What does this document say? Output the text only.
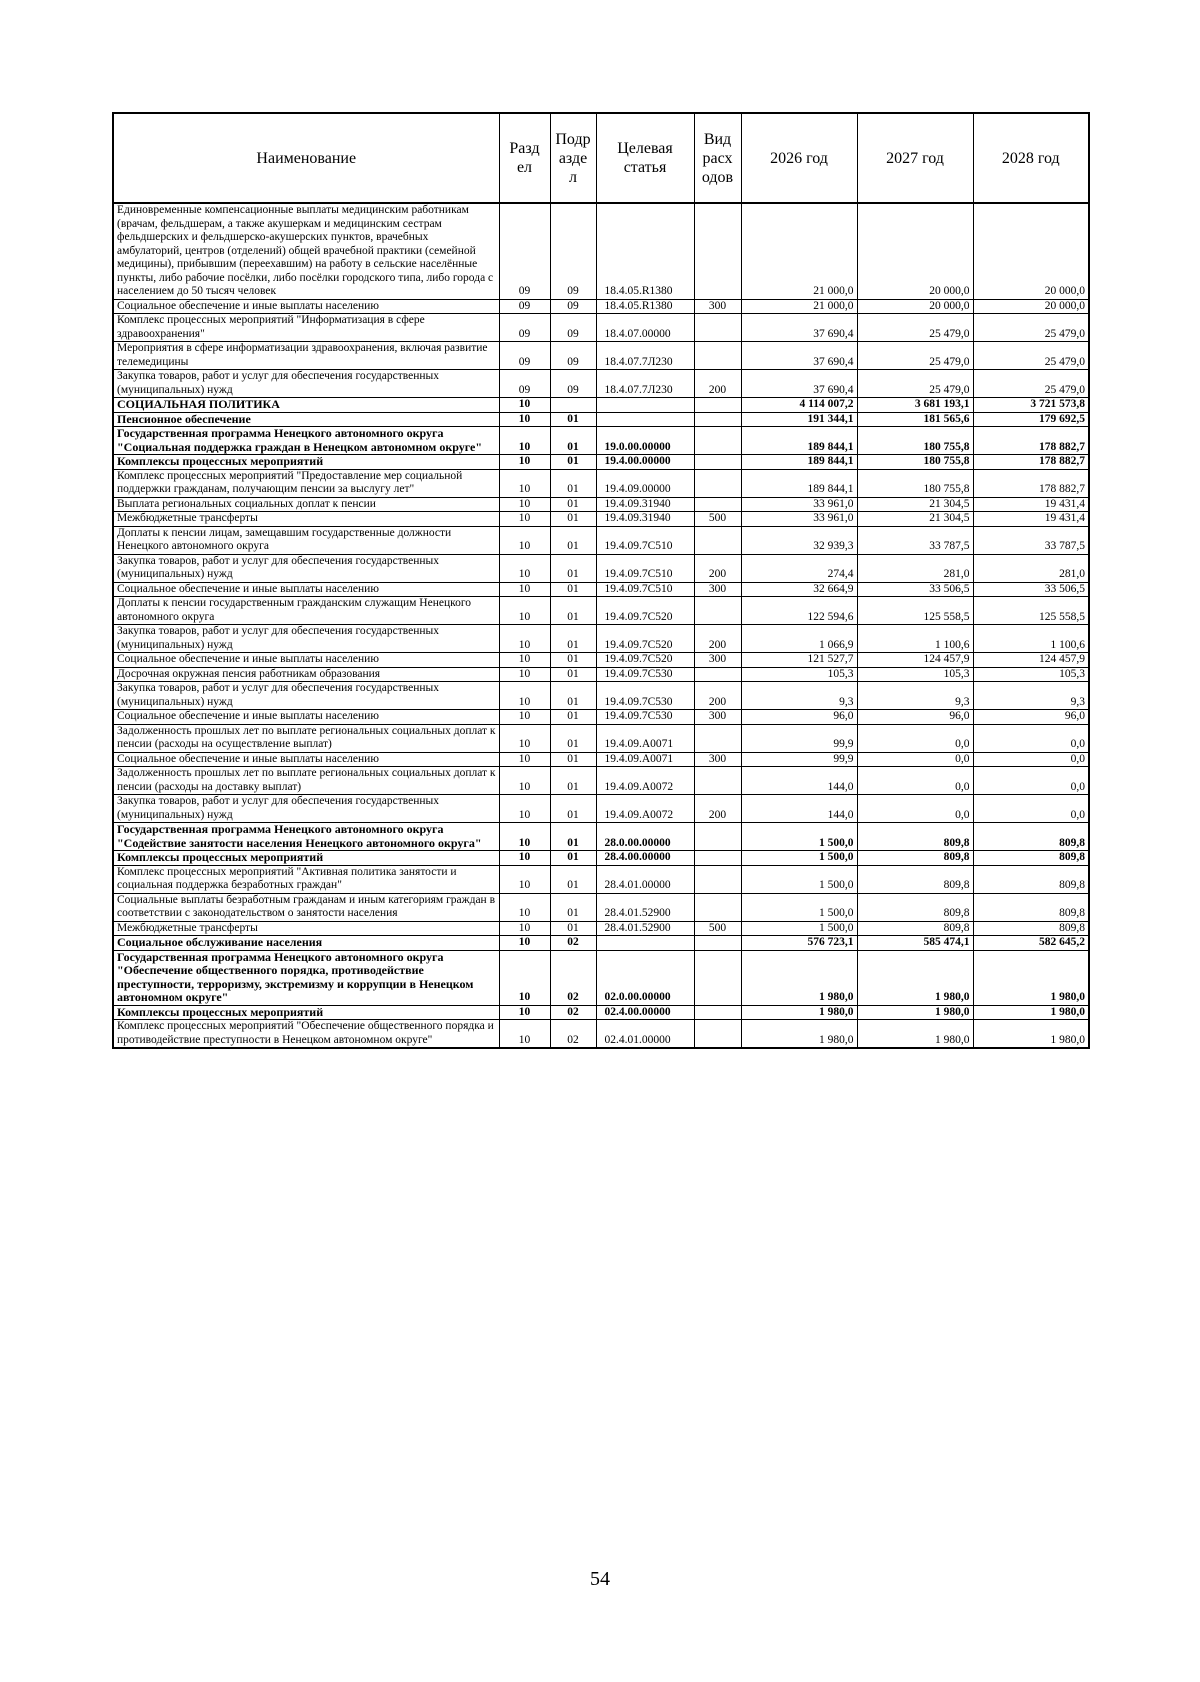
Наименование	Разд ел	Подр азде л	Целевая статья	Вид расх одов	2026 год	2027 год	2028 год
Единовременные компенсационные выплаты медицинским работникам (врачам, фельдшерам, а также акушеркам и медицинским сестрам фельдшерских и фельдшерско-акушерских пунктов, врачебных амбулаторий, центров (отделений) общей врачебной практики (семейной медицины), прибывшим (переехавшим) на работу в сельские населённые пункты, либо рабочие посёлки, либо посёлки городского типа, либо города с населением до 50 тысяч человек	09	09	18.4.05.R1380		21 000,0	20 000,0	20 000,0
Социальное обеспечение и иные выплаты населению	09	09	18.4.05.R1380	300	21 000,0	20 000,0	20 000,0
Комплекс процессных мероприятий "Информатизация в сфере здравоохранения"	09	09	18.4.07.00000		37 690,4	25 479,0	25 479,0
Мероприятия в сфере информатизации здравоохранения, включая развитие телемедицины	09	09	18.4.07.7Л230		37 690,4	25 479,0	25 479,0
Закупка товаров, работ и услуг для обеспечения государственных (муниципальных) нужд	09	09	18.4.07.7Л230	200	37 690,4	25 479,0	25 479,0
СОЦИАЛЬНАЯ ПОЛИТИКА	10				4 114 007,2	3 681 193,1	3 721 573,8
Пенсионное обеспечение	10	01			191 344,1	181 565,6	179 692,5
Государственная программа Ненецкого автономного округа "Социальная поддержка граждан в Ненецком автономном округе"	10	01	19.0.00.00000		189 844,1	180 755,8	178 882,7
Комплексы процессных мероприятий	10	01	19.4.00.00000		189 844,1	180 755,8	178 882,7
Комплекс процессных мероприятий "Предоставление мер социальной поддержки гражданам, получающим пенсии за выслугу лет"	10	01	19.4.09.00000		189 844,1	180 755,8	178 882,7
Выплата региональных социальных доплат к пенсии	10	01	19.4.09.31940		33 961,0	21 304,5	19 431,4
Межбюджетные трансферты	10	01	19.4.09.31940	500	33 961,0	21 304,5	19 431,4
Доплаты к пенсии лицам, замещавшим государственные должности Ненецкого автономного округа	10	01	19.4.09.7С510		32 939,3	33 787,5	33 787,5
Закупка товаров, работ и услуг для обеспечения государственных (муниципальных) нужд	10	01	19.4.09.7С510	200	274,4	281,0	281,0
Социальное обеспечение и иные выплаты населению	10	01	19.4.09.7С510	300	32 664,9	33 506,5	33 506,5
Доплаты к пенсии государственным гражданским служащим Ненецкого автономного округа	10	01	19.4.09.7С520		122 594,6	125 558,5	125 558,5
Закупка товаров, работ и услуг для обеспечения государственных (муниципальных) нужд	10	01	19.4.09.7С520	200	1 066,9	1 100,6	1 100,6
Социальное обеспечение и иные выплаты населению	10	01	19.4.09.7С520	300	121 527,7	124 457,9	124 457,9
Досрочная окружная пенсия работникам образования	10	01	19.4.09.7С530		105,3	105,3	105,3
Закупка товаров, работ и услуг для обеспечения государственных (муниципальных) нужд	10	01	19.4.09.7С530	200	9,3	9,3	9,3
Социальное обеспечение и иные выплаты населению	10	01	19.4.09.7С530	300	96,0	96,0	96,0
Задолженность прошлых лет по выплате региональных социальных доплат к пенсии (расходы на осуществление выплат)	10	01	19.4.09.A0071		99,9	0,0	0,0
Социальное обеспечение и иные выплаты населению	10	01	19.4.09.A0071	300	99,9	0,0	0,0
Задолженность прошлых лет по выплате региональных социальных доплат к пенсии (расходы на доставку выплат)	10	01	19.4.09.A0072		144,0	0,0	0,0
Закупка товаров, работ и услуг для обеспечения государственных (муниципальных) нужд	10	01	19.4.09.A0072	200	144,0	0,0	0,0
Государственная программа Ненецкого автономного округа "Содействие занятости населения Ненецкого автономного округа"	10	01	28.0.00.00000		1 500,0	809,8	809,8
Комплексы процессных мероприятий	10	01	28.4.00.00000		1 500,0	809,8	809,8
Комплекс процессных мероприятий "Активная политика занятости и социальная поддержка безработных граждан"	10	01	28.4.01.00000		1 500,0	809,8	809,8
Социальные выплаты безработным гражданам и иным категориям граждан в соответствии с законодательством о занятости населения	10	01	28.4.01.52900		1 500,0	809,8	809,8
Межбюджетные трансферты	10	01	28.4.01.52900	500	1 500,0	809,8	809,8
Социальное обслуживание населения	10	02			576 723,1	585 474,1	582 645,2
Государственная программа Ненецкого автономного округа "Обеспечение общественного порядка, противодействие преступности, терроризму, экстремизму и коррупции в Ненецком автономном округе"	10	02	02.0.00.00000		1 980,0	1 980,0	1 980,0
Комплексы процессных мероприятий	10	02	02.4.00.00000		1 980,0	1 980,0	1 980,0
Комплекс процессных мероприятий "Обеспечение общественного порядка и противодействие преступности в Ненецком автономном округе"	10	02	02.4.01.00000		1 980,0	1 980,0	1 980,0
54
